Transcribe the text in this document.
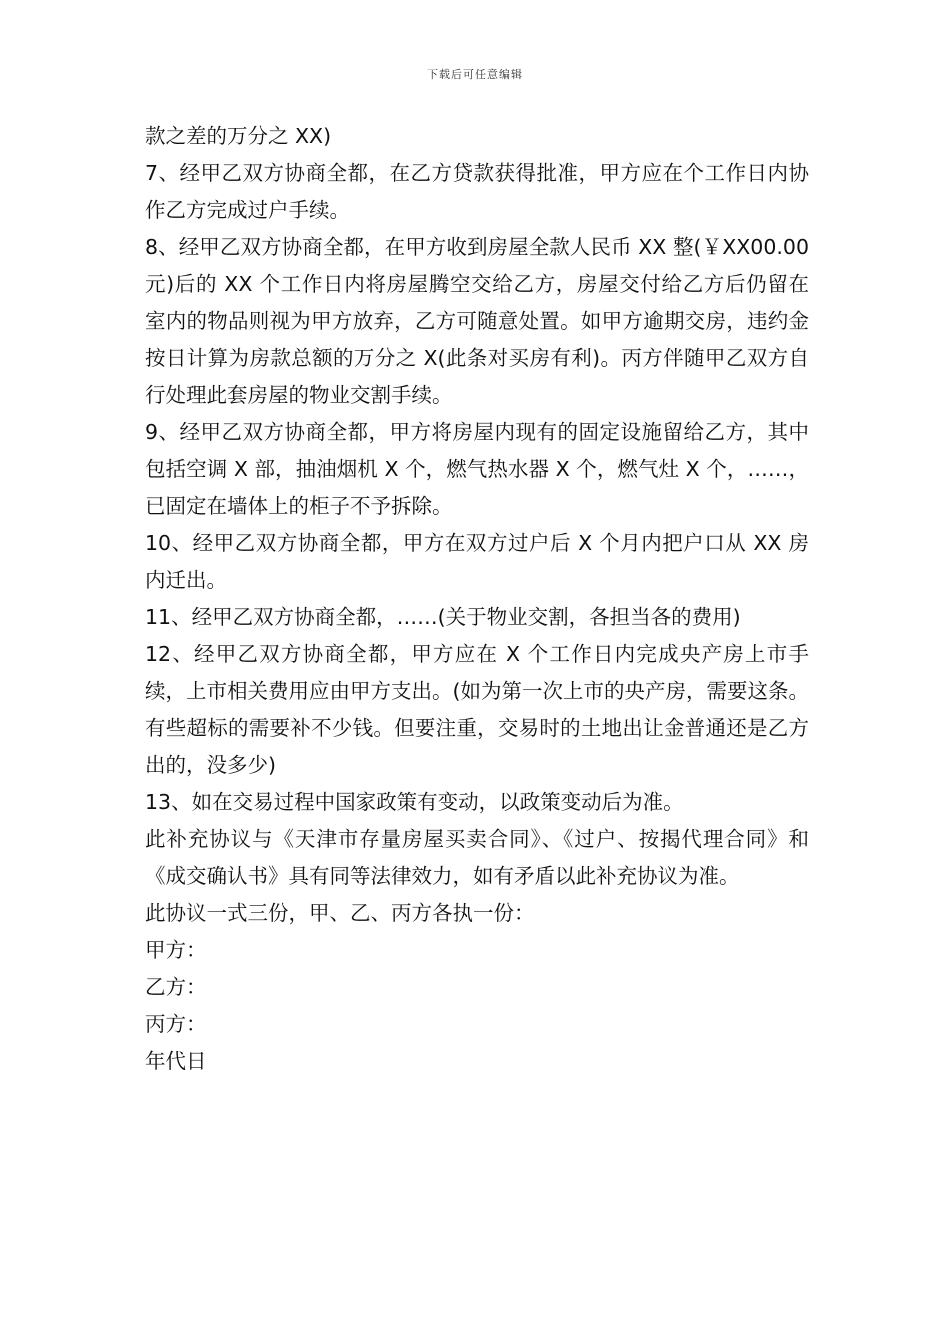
下载后可任意编辑

款之差的万分之 XX)

7、经甲乙双方协商全都，在乙方贷款获得批准，甲方应在个工作日内协作乙方完成过户手续。

8、经甲乙双方协商全都，在甲方收到房屋全款人民币 XX 整(￥XX00.00 元)后的 XX 个工作日内将房屋腾空交给乙方，房屋交付给乙方后仍留在室内的物品则视为甲方放弃，乙方可随意处置。如甲方逾期交房，违约金按日计算为房款总额的万分之 X(此条对买房有利)。丙方伴随甲乙双方自行处理此套房屋的物业交割手续。

9、经甲乙双方协商全都，甲方将房屋内现有的固定设施留给乙方，其中包括空调 X 部，抽油烟机 X 个，燃气热水器 X 个，燃气灶 X 个，……，已固定在墙体上的柜子不予拆除。

10、经甲乙双方协商全都，甲方在双方过户后 X 个月内把户口从 XX 房内迁出。

11、经甲乙双方协商全都，……(关于物业交割，各担当各的费用)

12、经甲乙双方协商全都，甲方应在 X 个工作日内完成央产房上市手续，上市相关费用应由甲方支出。(如为第一次上市的央产房，需要这条。有些超标的需要补不少钱。但要注重，交易时的土地出让金普通还是乙方出的，没多少)

13、如在交易过程中国家政策有变动，以政策变动后为准。

此补充协议与《天津市存量房屋买卖合同》、《过户、按揭代理合同》和《成交确认书》具有同等法律效力，如有矛盾以此补充协议为准。

此协议一式三份，甲、乙、丙方各执一份：

甲方：

乙方：

丙方：

年代日
